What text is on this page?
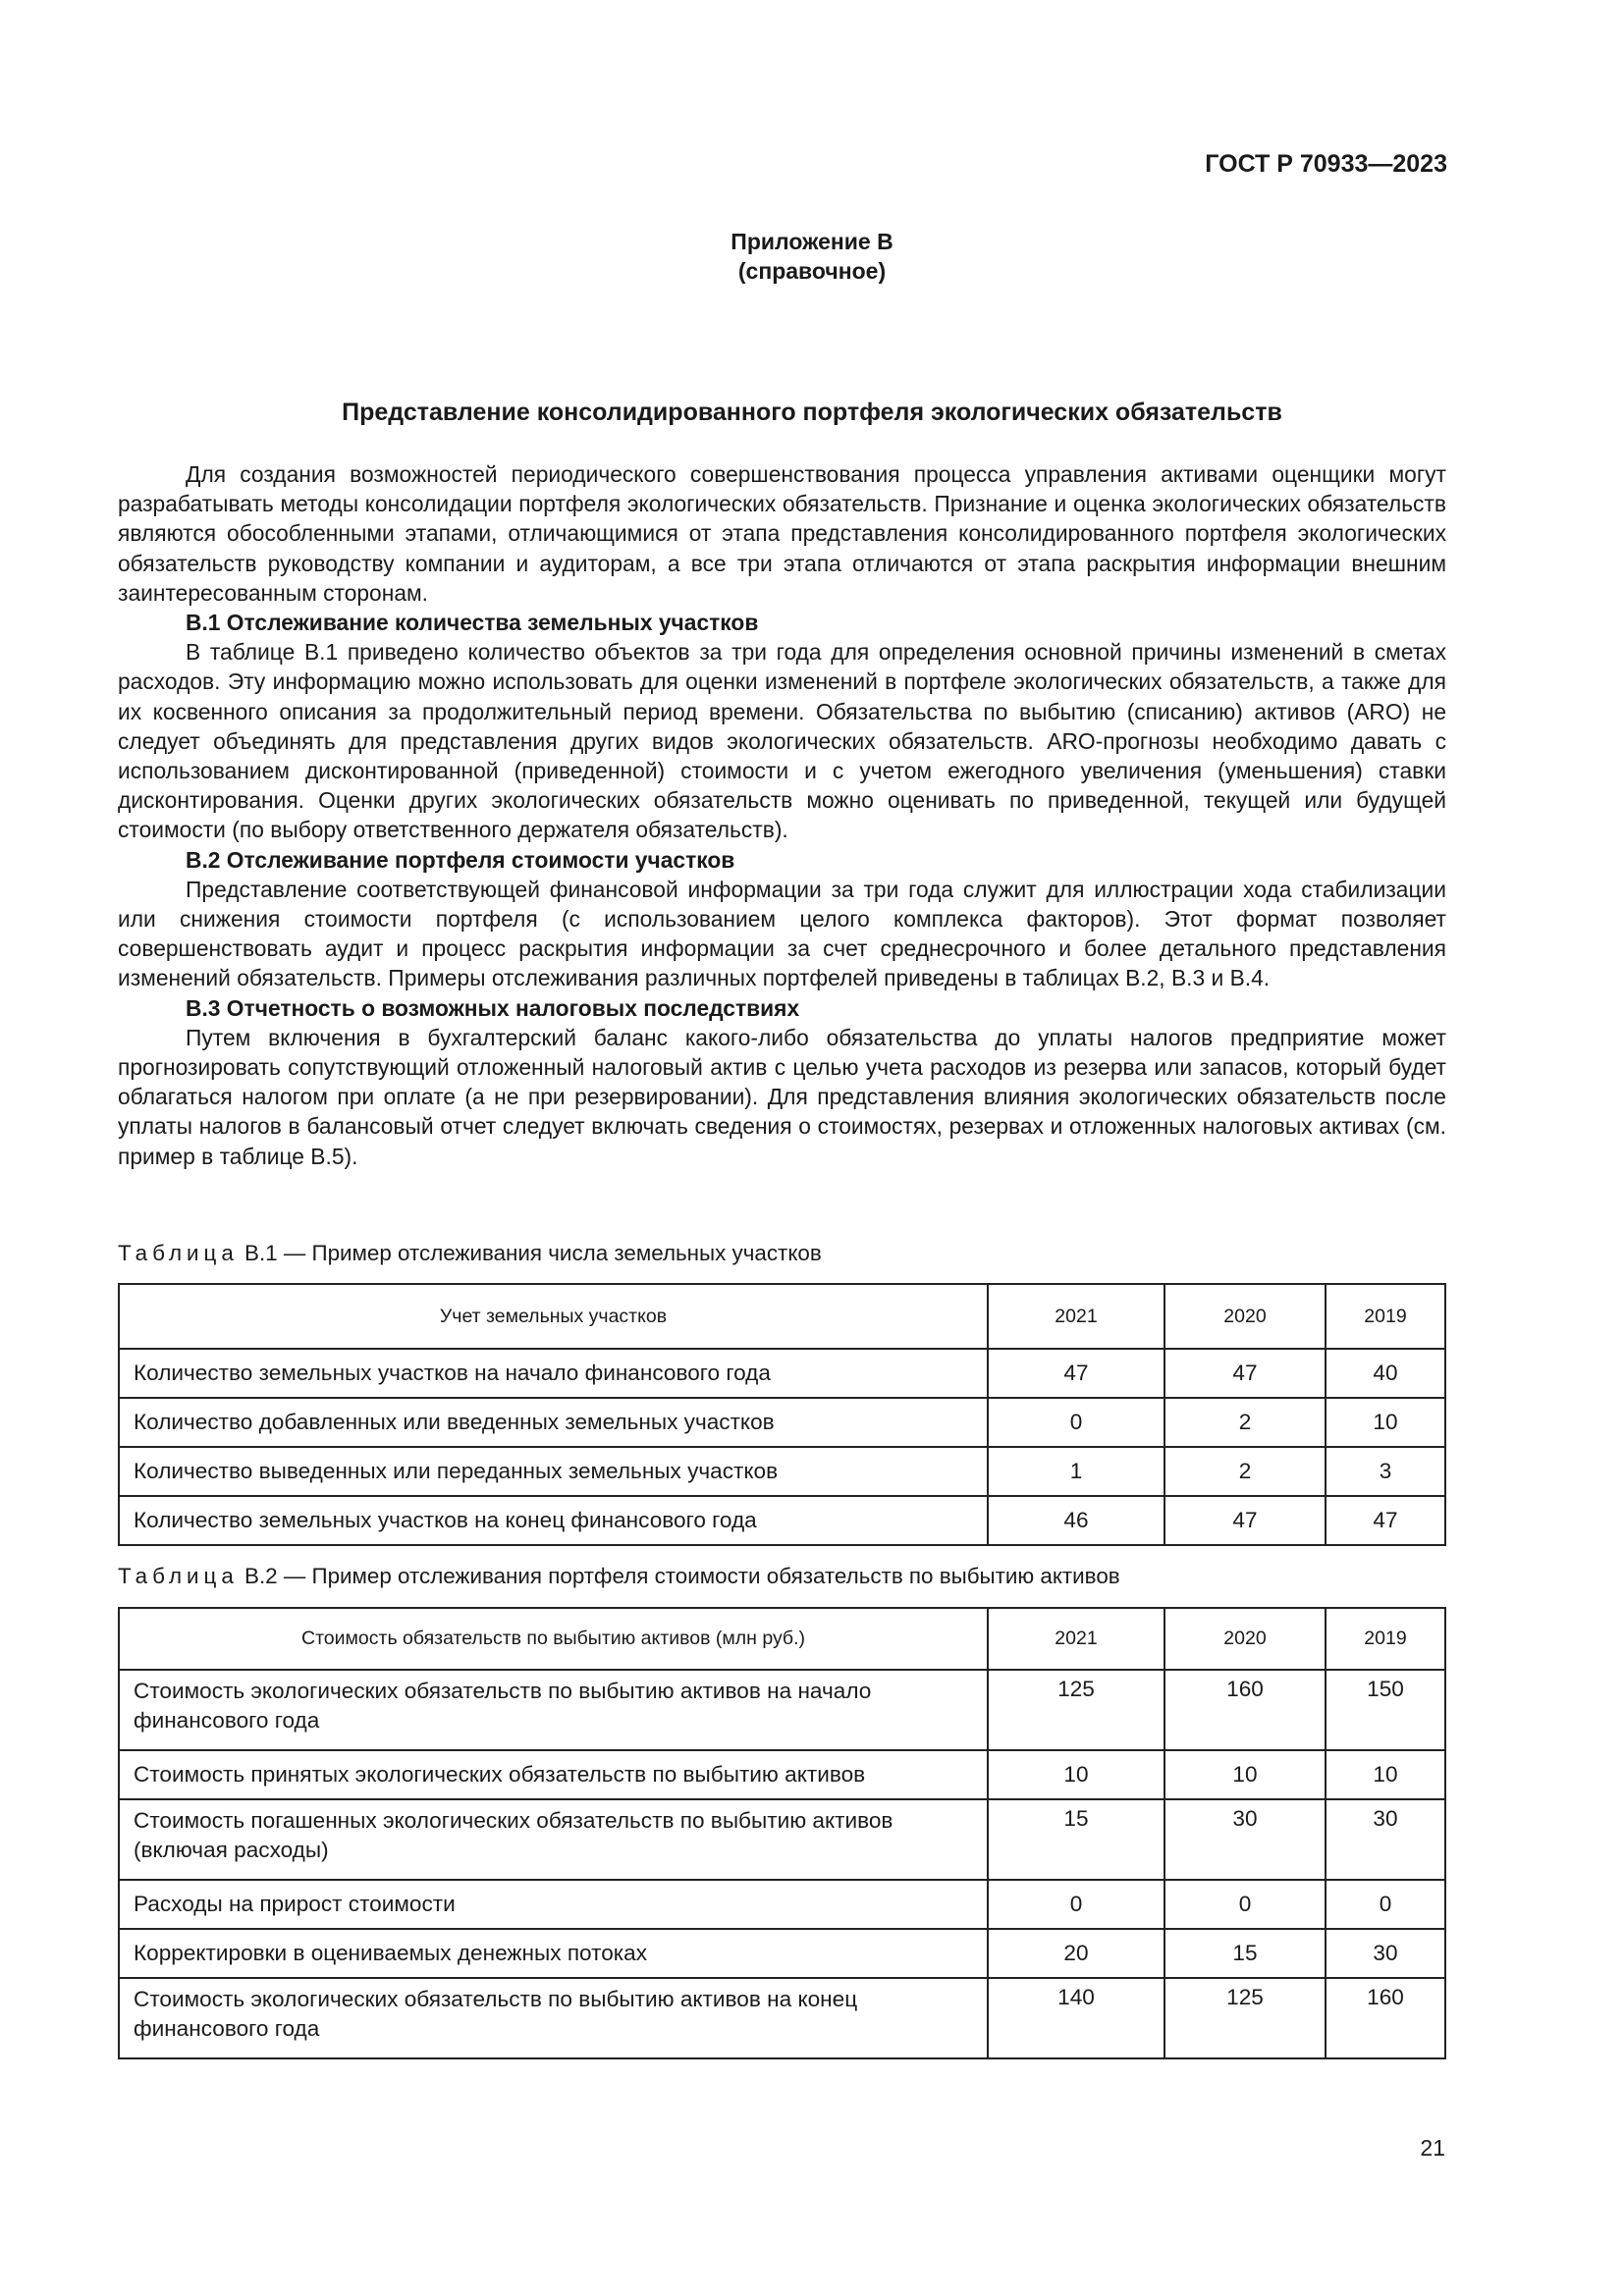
ГОСТ Р 70933—2023
Приложение В
(справочное)
Представление консолидированного портфеля экологических обязательств

Для создания возможностей периодического совершенствования процесса управления активами оценщики могут разрабатывать методы консолидации портфеля экологических обязательств. Признание и оценка экологических обязательств являются обособленными этапами, отличающимися от этапа представления консолидированного портфеля экологических обязательств руководству компании и аудиторам, а все три этапа отличаются от этапа раскрытия информации внешним заинтересованным сторонам.

В.1 Отслеживание количества земельных участков

В таблице В.1 приведено количество объектов за три года для определения основной причины изменений в сметах расходов. Эту информацию можно использовать для оценки изменений в портфеле экологических обязательств, а также для их косвенного описания за продолжительный период времени. Обязательства по выбытию (списанию) активов (ARO) не следует объединять для представления других видов экологических обязательств. ARO-прогнозы необходимо давать с использованием дисконтированной (приведенной) стоимости и с учетом ежегодного увеличения (уменьшения) ставки дисконтирования. Оценки других экологических обязательств можно оценивать по приведенной, текущей или будущей стоимости (по выбору ответственного держателя обязательств).

В.2 Отслеживание портфеля стоимости участков

Представление соответствующей финансовой информации за три года служит для иллюстрации хода стабилизации или снижения стоимости портфеля (с использованием целого комплекса факторов). Этот формат позволяет совершенствовать аудит и процесс раскрытия информации за счет среднесрочного и более детального представления изменений обязательств. Примеры отслеживания различных портфелей приведены в таблицах В.2, В.3 и В.4.

В.3 Отчетность о возможных налоговых последствиях

Путем включения в бухгалтерский баланс какого-либо обязательства до уплаты налогов предприятие может прогнозировать сопутствующий отложенный налоговый актив с целью учета расходов из резерва или запасов, который будет облагаться налогом при оплате (а не при резервировании). Для представления влияния экологических обязательств после уплаты налогов в балансовый отчет следует включать сведения о стоимостях, резервах и отложенных налоговых активах (см. пример в таблице В.5).

Таблица В.1 — Пример отслеживания числа земельных участков
Учет земельных участков	2021	2020	2019
Количество земельных участков на начало финансового года	47	47	40
Количество добавленных или введенных земельных участков	0	2	10
Количество выведенных или переданных земельных участков	1	2	3
Количество земельных участков на конец финансового года	46	47	47
Таблица В.2 — Пример отслеживания портфеля стоимости обязательств по выбытию активов
Стоимость обязательств по выбытию активов (млн руб.)	2021	2020	2019
Стоимость экологических обязательств по выбытию активов на начало финансового года	125	160	150
Стоимость принятых экологических обязательств по выбытию активов	10	10	10
Стоимость погашенных экологических обязательств по выбытию активов (включая расходы)	15	30	30
Расходы на прирост стоимости	0	0	0
Корректировки в оцениваемых денежных потоках	20	15	30
Стоимость экологических обязательств по выбытию активов на конец финансового года	140	125	160
21
